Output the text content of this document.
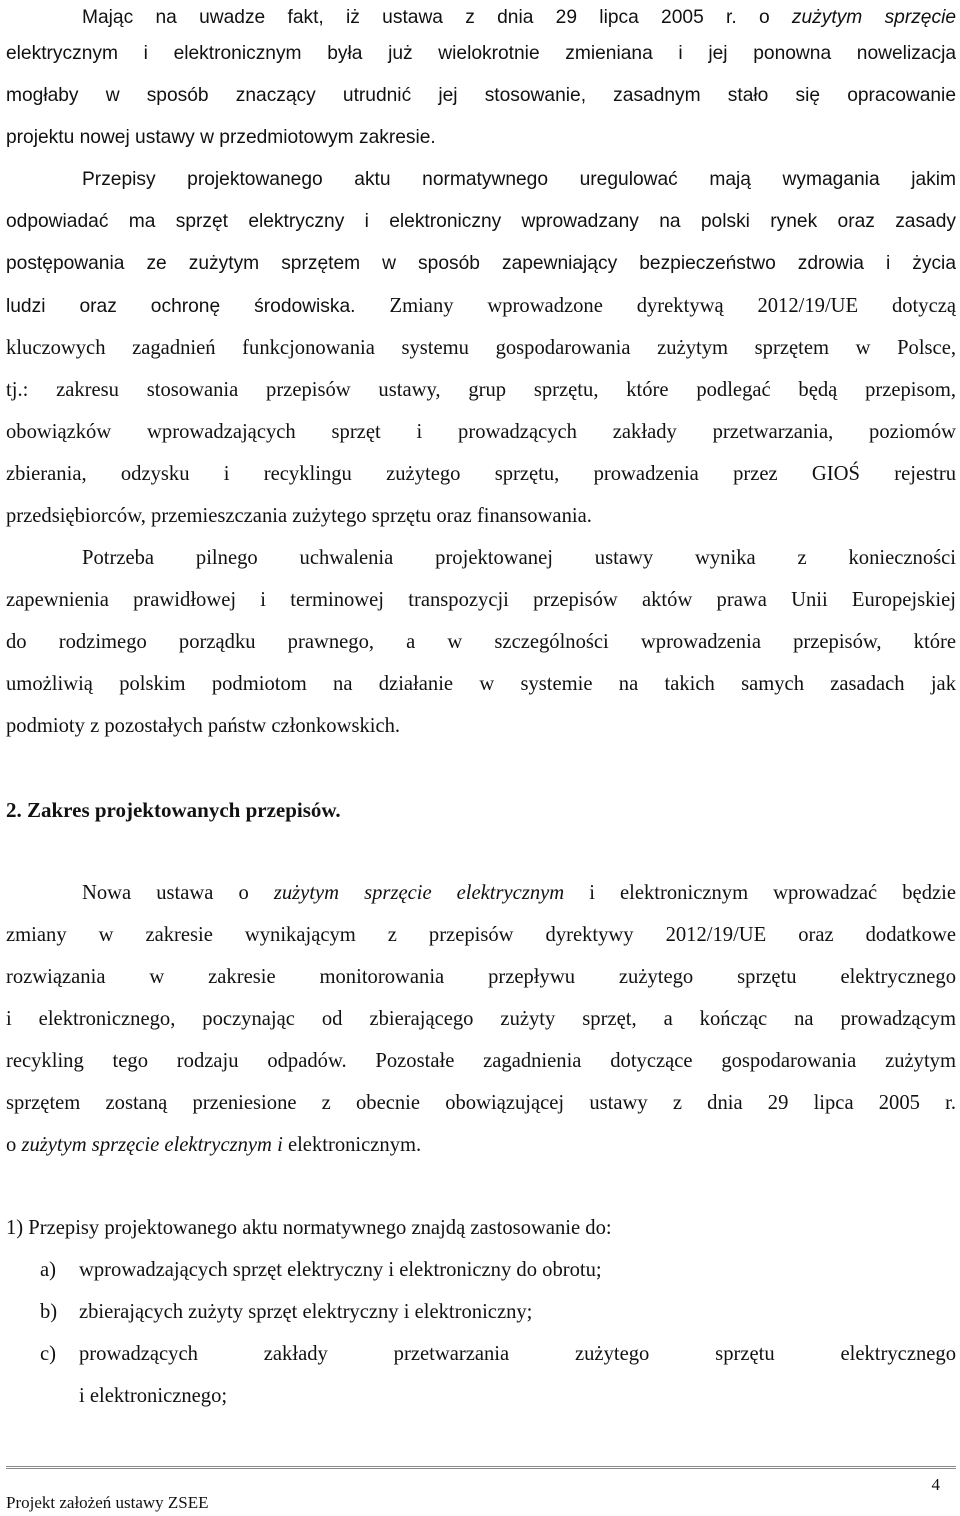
Mając na uwadze fakt, iż ustawa z dnia 29 lipca 2005 r. o zużytym sprzęcie
elektrycznym i elektronicznym była już wielokrotnie zmieniana i jej ponowna nowelizacja
mogłaby w sposób znaczący utrudnić jej stosowanie, zasadnym stało się opracowanie
projektu nowej ustawy w przedmiotowym zakresie.
Przepisy projektowanego aktu normatywnego uregulować mają wymagania jakim
odpowiadać ma sprzęt elektryczny i elektroniczny wprowadzany na polski rynek oraz zasady
postępowania ze zużytym sprzętem w sposób zapewniający bezpieczeństwo zdrowia i życia
ludzi oraz ochronę środowiska. Zmiany wprowadzone dyrektywą 2012/19/UE dotyczą
kluczowych zagadnień funkcjonowania systemu gospodarowania zużytym sprzętem w Polsce,
tj.: zakresu stosowania przepisów ustawy, grup sprzętu, które podlegać będą przepisom,
obowiązków wprowadzających sprzęt i prowadzących zakłady przetwarzania, poziomów
zbierania, odzysku i recyklingu zużytego sprzętu, prowadzenia przez GIOŚ rejestru
przedsiębiorców, przemieszczania zużytego sprzętu oraz finansowania.
Potrzeba pilnego uchwalenia projektowanej ustawy wynika z konieczności
zapewnienia prawidłowej i terminowej transpozycji przepisów aktów prawa Unii Europejskiej
do rodzimego porządku prawnego, a w szczególności wprowadzenia przepisów, które
umożliwią polskim podmiotom na działanie w systemie na takich samych zasadach jak
podmioty z pozostałych państw członkowskich.
2. Zakres projektowanych przepisów.
Nowa ustawa o zużytym sprzęcie elektrycznym i elektronicznym wprowadzać będzie
zmiany w zakresie wynikającym z przepisów dyrektywy 2012/19/UE oraz dodatkowe
rozwiązania w zakresie monitorowania przepływu zużytego sprzętu elektrycznego
i elektronicznego, poczynając od zbierającego zużyty sprzęt, a kończąc na prowadzącym
recykling tego rodzaju odpadów. Pozostałe zagadnienia dotyczące gospodarowania zużytym
sprzętem zostaną przeniesione z obecnie obowiązującej ustawy z dnia 29 lipca 2005 r.
o zużytym sprzęcie elektrycznym i elektronicznym.
1) Przepisy projektowanego aktu normatywnego znajdą zastosowanie do:
a) wprowadzających sprzęt elektryczny i elektroniczny do obrotu;
b) zbierających zużyty sprzęt elektryczny i elektroniczny;
c) prowadzących zakłady przetwarzania zużytego sprzętu elektrycznego
i elektronicznego;
4
Projekt założeń ustawy ZSEE
